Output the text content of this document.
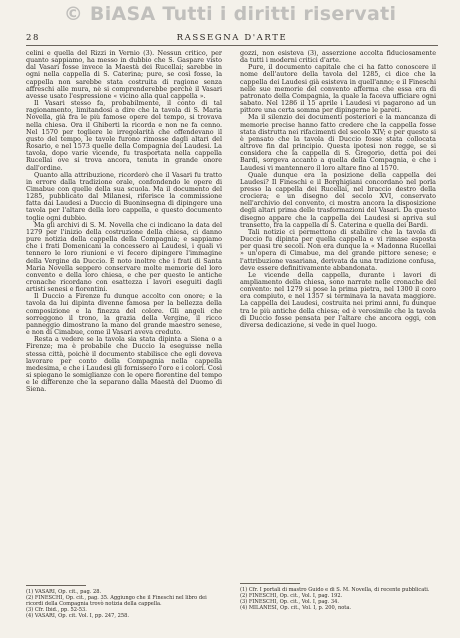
© BiASA Tutti i diritti riservati
28	RASSEGNA D'ARTE

celini e quella del Rizzi in Vernio (3). Nessun critico, per quanto sappiamo, ha messo in dubbio che S. Gaspare visto dal Vasari fosse invece la Maestà dei Rucellai; sarebbe in ogni nella cappella di S. Caterina; pure, se così fosse, la cappella non sarebbe stata costruita di ragione senza affreschi alle mura, nè si comprenderebbe perchè il Vasari avesse usato l'espressione « vicino alla qual cappella ».

Il Vasari stesso fa, probabilmente, il conto di tal ragionamento, limitandosi a dire che la tavola di S. Maria Novella, già fra le più famose opere del tempo, si trovava nella chiesa. Ora il Ghiberti la ricorda e non ne fa cenno. Nel 1570 per togliere le irregolarità che offendevano il gusto del tempo, le tavole furono rimosse dagli altari del Rosario, e nel 1573 quelle della Compagnia dei Laudesi. La tavola, dopo varie vicende, fu trasportata nella cappella Rucellai ove si trova ancora, tenuta in grande onore dall'ordine.

Quanto alla attribuzione, ricorderò che il Vasari fu tratto in errore dalla tradizione orale, confondendo le opere di Cimabue con quelle della sua scuola. Ma il documento del 1285, pubblicato dal Milanesi, riferisce la commissione fatta dai Laudesi a Duccio di Buoninsegna di dipingere una tavola per l'altare della loro cappella, e questo documento toglie ogni dubbio.

Ma gli archivi di S. M. Novella che ci indicano la data del 1279 per l'inizio della costruzione della chiesa, ci danno pure notizia della cappella della Compagnia; e sappiamo che i frati Domenicani la concessero ai Laudesi, i quali vi tennero le loro riunioni e vi fecero dipingere l'immagine della Vergine da Duccio. È noto inoltre che i frati di Santa Maria Novella seppero conservare molte memorie del loro convento e della loro chiesa, e che per questo le antiche cronache ricordano con esattezza i lavori eseguiti dagli artisti senesi e fiorentini.

Il Duccio a Firenze fu dunque accolto con onore; e la tavola da lui dipinta divenne famosa per la bellezza della composizione e la finezza del colore. Gli angeli che sorreggono il trono, la grazia della Vergine, il ricco panneggio dimostrano la mano del grande maestro senese, e non di Cimabue, come il Vasari aveva creduto.

Resta a vedere se la tavola sia stata dipinta a Siena o a Firenze; ma è probabile che Duccio la eseguisse nella stessa città, poichè il documento stabilisce che egli doveva lavorare per conto della Compagnia nella cappella medesima, e che i Laudesi gli fornissero l'oro e i colori. Così si spiegano le somiglianze con le opere fiorentine del tempo e le differenze che la separano dalla Maestà del Duomo di Siena.

gozzi, non esisteva (3), asserzione accolta fiduciosamente da tutti i moderni critici d'arte.

Pure, il documento capitale che ci ha fatto conoscere il nome dell'autore della tavola del 1285, ci dice che la cappella dei Laudesi già esisteva in quell'anno; e il Fineschi nelle sue memorie del convento afferma che essa era di patronato della Compagnia, la quale la faceva ufficiare ogni sabato. Nel 1286 il 15 aprile i Laudesi vi pagarono ad un pittore una certa somma per dipingerne le pareti.

Ma il silenzio dei documenti posteriori e la mancanza di memorie precise hanno fatto credere che la cappella fosse stata distrutta nei rifacimenti del secolo XIV; e per questo si è pensato che la tavola di Duccio fosse stata collocata altrove fin dal principio. Questa ipotesi non regge, se si considera che la cappella di S. Gregorio, detta poi dei Bardi, sorgeva accanto a quella della Compagnia, e che i Laudesi vi mantennero il loro altare fino al 1570.

Quale dunque era la posizione della cappella dei Laudesi? Il Fineschi e il Borghigiani concordano nel porla presso la cappella dei Rucellai, nel braccio destro della crociera; e un disegno del secolo XVI, conservato nell'archivio del convento, ci mostra ancora la disposizione degli altari prima delle trasformazioni del Vasari. Da questo disegno appare che la cappella dei Laudesi si apriva sul transetto, fra la cappella di S. Caterina e quella dei Bardi.

Tali notizie ci permettono di stabilire che la tavola di Duccio fu dipinta per quella cappella e vi rimase esposta per quasi tre secoli. Non era dunque la « Madonna Rucellai » un'opera di Cimabue, ma del grande pittore senese; e l'attribuzione vasariana, derivata da una tradizione confusa, deve essere definitivamente abbandonata.

Le vicende della cappella, durante i lavori di ampliamento della chiesa, sono narrate nelle cronache del convento: nel 1279 si pose la prima pietra, nel 1300 il coro era compiuto, e nel 1357 si terminava la navata maggiore. La cappella dei Laudesi, costruita nei primi anni, fu dunque tra le più antiche della chiesa; ed è verosimile che la tavola di Duccio fosse pensata per l'altare che ancora oggi, con diversa dedicazione, si vede in quel luogo.

(1) VASARI, Op. cit., pag. 28.
(2) FINESCHI, Op. cit., pag. 35. Aggiungo che il Fineschi nel libro dei ricordi della Compagnia trovò notizia della cappella.
(3) Cfr. Ibid., pp. 52-53.
(4) VASARI, Op. cit. Vol. I, pp. 247, 258.
(1) Cfr. I portali di mastro Guido e di S. M. Novella, di recente pubblicati.
(2) FINESCHI, Op. cit., Vol. I, pag. 192.
(3) FINESCHI, Op. cit., Vol. I, pag. 34.
(4) MILANESI, Op. cit., Vol. I, p. 200, nota.
